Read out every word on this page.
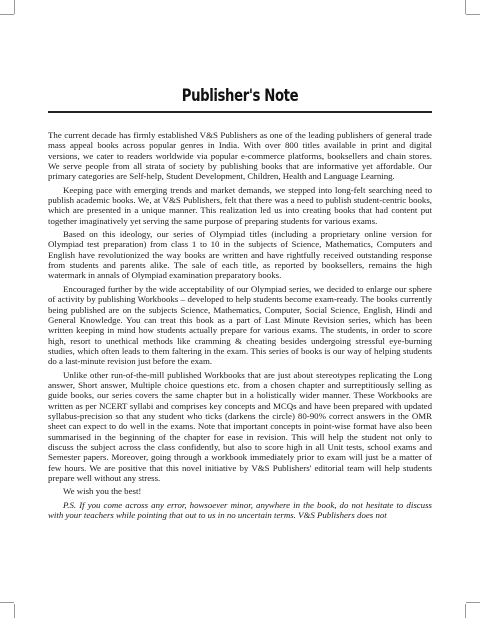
Publisher's Note

The current decade has firmly established V&S Publishers as one of the leading publishers of general trade mass appeal books across popular genres in India. With over 800 titles available in print and digital versions, we cater to readers worldwide via popular e-commerce platforms, booksellers and chain stores. We serve people from all strata of society by publishing books that are informative yet affordable. Our primary categories are Self-help, Student Development, Children, Health and Language Learning.

Keeping pace with emerging trends and market demands, we stepped into long-felt searching need to publish academic books. We, at V&S Publishers, felt that there was a need to publish student-centric books, which are presented in a unique manner. This realization led us into creating books that had content put together imaginatively yet serving the same purpose of preparing students for various exams.

Based on this ideology, our series of Olympiad titles (including a proprietary online version for Olympiad test preparation) from class 1 to 10 in the subjects of Science, Mathematics, Computers and English have revolutionized the way books are written and have rightfully received outstanding response from students and parents alike. The sale of each title, as reported by booksellers, remains the high watermark in annals of Olympiad examination preparatory books.

Encouraged further by the wide acceptability of our Olympiad series, we decided to enlarge our sphere of activity by publishing Workbooks – developed to help students become exam-ready. The books currently being published are on the subjects Science, Mathematics, Computer, Social Science, English, Hindi and General Knowledge. You can treat this book as a part of Last Minute Revision series, which has been written keeping in mind how students actually prepare for various exams. The students, in order to score high, resort to unethical methods like cramming & cheating besides undergoing stressful eye-burning studies, which often leads to them faltering in the exam. This series of books is our way of helping students do a last-minute revision just before the exam.

Unlike other run-of-the-mill published Workbooks that are just about stereotypes replicating the Long answer, Short answer, Multiple choice questions etc. from a chosen chapter and surreptitiously selling as guide books, our series covers the same chapter but in a holistically wider manner. These Workbooks are written as per NCERT syllabi and comprises key concepts and MCQs and have been prepared with updated syllabus-precision so that any student who ticks (darkens the circle) 80-90% correct answers in the OMR sheet can expect to do well in the exams. Note that important concepts in point-wise format have also been summarised in the beginning of the chapter for ease in revision. This will help the student not only to discuss the subject across the class confidently, but also to score high in all Unit tests, school exams and Semester papers. Moreover, going through a workbook immediately prior to exam will just be a matter of few hours. We are positive that this novel initiative by V&S Publishers' editorial team will help students prepare well without any stress.

We wish you the best!

P.S. If you come across any error, howsoever minor, anywhere in the book, do not hesitate to discuss with your teachers while pointing that out to us in no uncertain terms. V&S Publishers does not
